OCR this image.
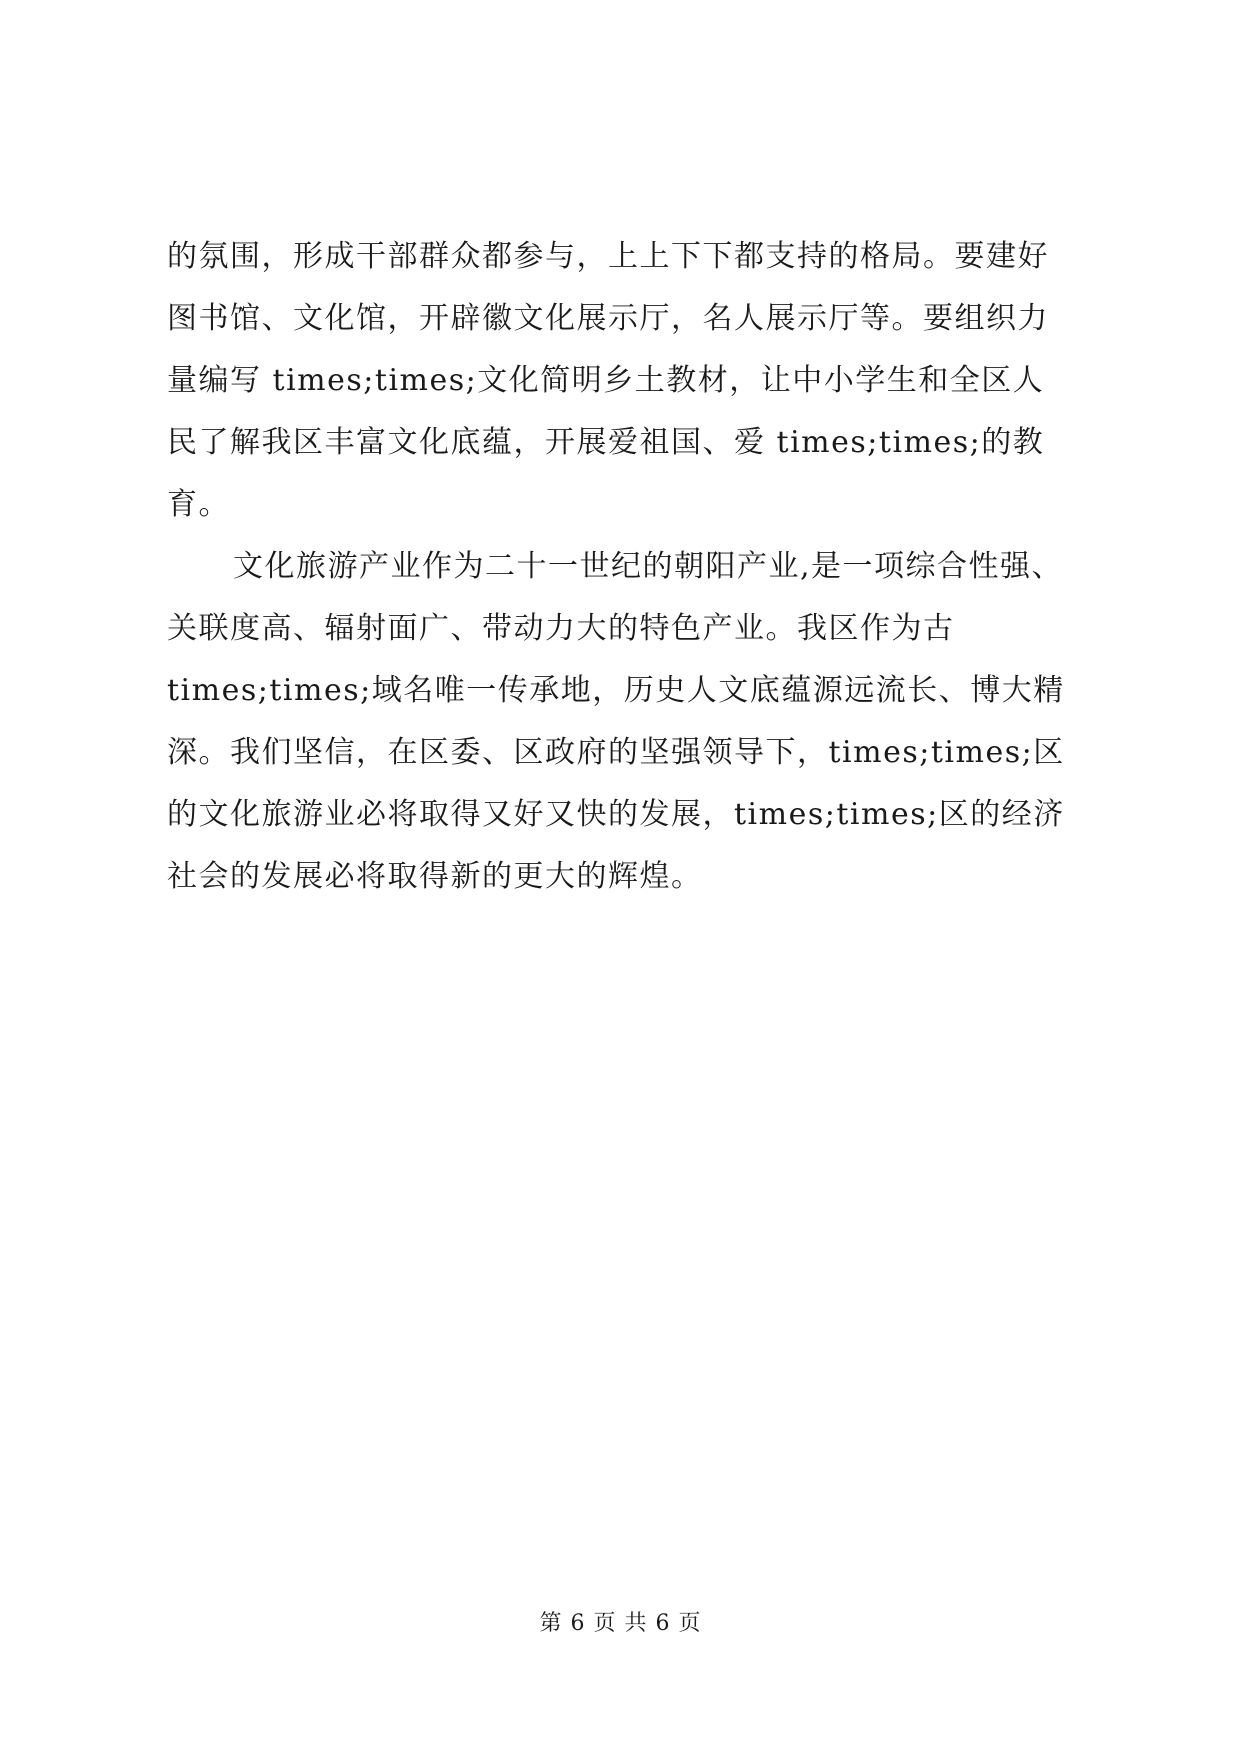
的氛围，形成干部群众都参与，上上下下都支持的格局。要建好
图书馆、文化馆，开辟徽文化展示厅，名人展示厅等。要组织力
量编写 times;times;文化简明乡土教材，让中小学生和全区人
民了解我区丰富文化底蕴，开展爱祖国、爱 times;times;的教
育。
文化旅游产业作为二十一世纪的朝阳产业,是一项综合性强、
关联度高、辐射面广、带动力大的特色产业。我区作为古
times;times;域名唯一传承地，历史人文底蕴源远流长、博大精
深。我们坚信，在区委、区政府的坚强领导下，times;times;区
的文化旅游业必将取得又好又快的发展，times;times;区的经济
社会的发展必将取得新的更大的辉煌。
第 6 页 共 6 页
